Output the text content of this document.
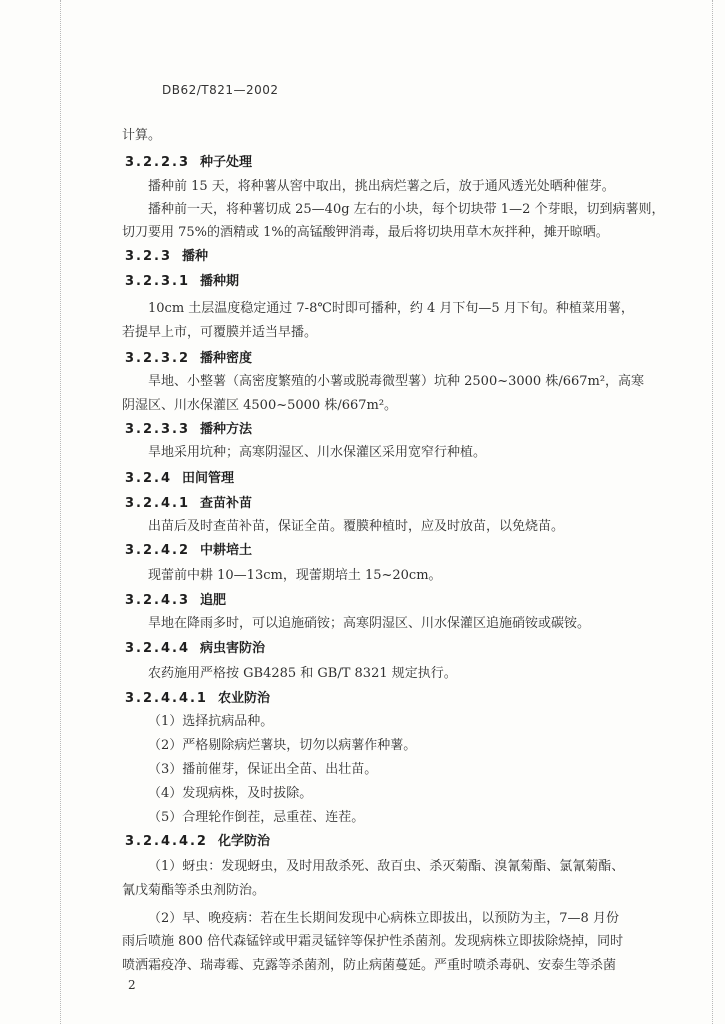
DB62/T821—2002
计算。
3.2.2.3 种子处理
播种前 15 天，将种薯从窖中取出，挑出病烂薯之后，放于通风透光处晒种催芽。
播种前一天，将种薯切成 25—40g 左右的小块，每个切块带 1—2 个芽眼，切到病薯则，
切刀要用 75%的酒精或 1%的高锰酸钾消毒，最后将切块用草木灰拌种，摊开晾晒。
3.2.3 播种
3.2.3.1 播种期
10cm 土层温度稳定通过 7-8℃时即可播种，约 4 月下旬—5 月下旬。种植菜用薯，
若提早上市，可覆膜并适当早播。
3.2.3.2 播种密度
旱地、小整薯（高密度繁殖的小薯或脱毒微型薯）坑种 2500~3000 株/667m²，高寒
阴湿区、川水保灌区 4500~5000 株/667m²。
3.2.3.3 播种方法
旱地采用坑种；高寒阴湿区、川水保灌区采用宽窄行种植。
3.2.4 田间管理
3.2.4.1 查苗补苗
出苗后及时查苗补苗，保证全苗。覆膜种植时，应及时放苗，以免烧苗。
3.2.4.2 中耕培土
现蕾前中耕 10—13cm，现蕾期培土 15~20cm。
3.2.4.3 追肥
旱地在降雨多时，可以追施硝铵；高寒阴湿区、川水保灌区追施硝铵或碳铵。
3.2.4.4 病虫害防治
农药施用严格按 GB4285 和 GB/T 8321 规定执行。
3.2.4.4.1 农业防治
（1）选择抗病品种。
（2）严格剔除病烂薯块，切勿以病薯作种薯。
（3）播前催芽，保证出全苗、出壮苗。
（4）发现病株，及时拔除。
（5）合理轮作倒茬，忌重茬、连茬。
3.2.4.4.2 化学防治
（1）蚜虫：发现蚜虫，及时用敌杀死、敌百虫、杀灭菊酯、溴氰菊酯、氯氰菊酯、
氰戊菊酯等杀虫剂防治。
（2）早、晚疫病：若在生长期间发现中心病株立即拔出，以预防为主，7—8 月份
雨后喷施 800 倍代森锰锌或甲霜灵锰锌等保护性杀菌剂。发现病株立即拔除烧掉，同时
喷洒霜疫净、瑞毒霉、克露等杀菌剂，防止病菌蔓延。严重时喷杀毒矾、安泰生等杀菌
2
